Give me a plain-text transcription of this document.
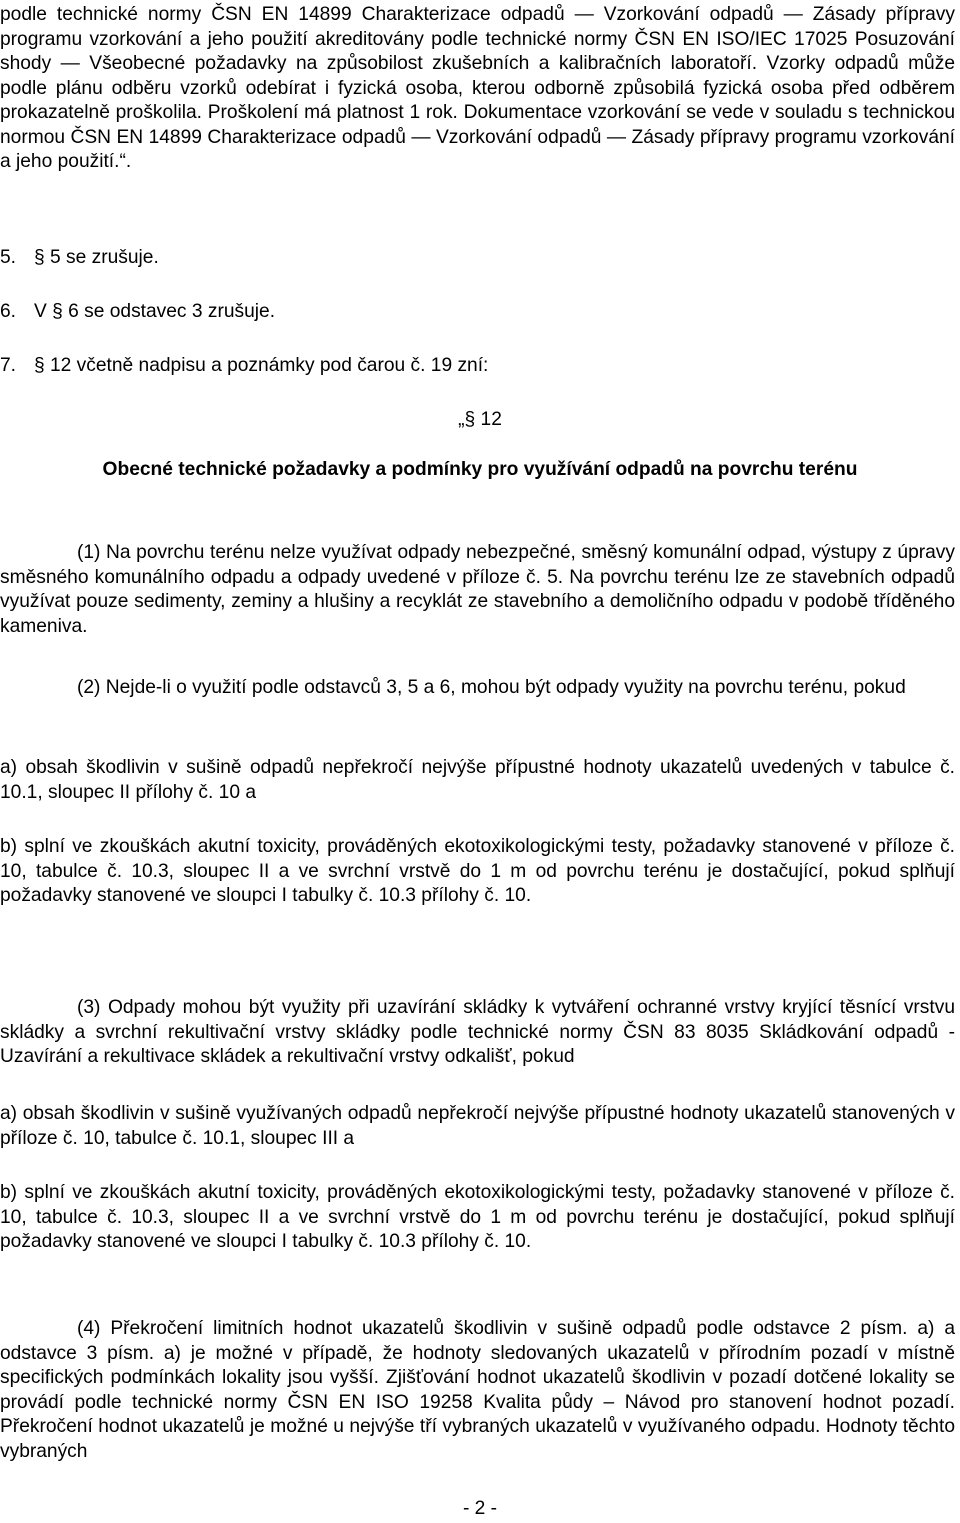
podle technické normy ČSN EN 14899 Charakterizace odpadů — Vzorkování odpadů — Zásady přípravy programu vzorkování a jeho použití akreditovány podle technické normy ČSN EN ISO/IEC 17025 Posuzování shody — Všeobecné požadavky na způsobilost zkušebních a kalibračních laboratoří. Vzorky odpadů může podle plánu odběru vzorků odebírat i fyzická osoba, kterou odborně způsobilá fyzická osoba před odběrem prokazatelně proškolila. Proškolení má platnost 1 rok. Dokumentace vzorkování se vede v souladu s technickou normou ČSN EN 14899 Charakterizace odpadů — Vzorkování odpadů — Zásady přípravy programu vzorkování a jeho použití.“.

5. § 5 se zrušuje.
6. V § 6 se odstavec 3 zrušuje.
7. § 12 včetně nadpisu a poznámky pod čarou č. 19 zní:
„§ 12
Obecné technické požadavky a podmínky pro využívání odpadů na povrchu terénu

(1) Na povrchu terénu nelze využívat odpady nebezpečné, směsný komunální odpad, výstupy z úpravy směsného komunálního odpadu a odpady uvedené v příloze č. 5. Na povrchu terénu lze ze stavebních odpadů využívat pouze sedimenty, zeminy a hlušiny a recyklát ze stavebního a demoličního odpadu v podobě tříděného kameniva.

(2) Nejde-li o využití podle odstavců 3, 5 a 6, mohou být odpady využity na povrchu terénu, pokud

a) obsah škodlivin v sušině odpadů nepřekročí nejvýše přípustné hodnoty ukazatelů uvedených v tabulce č. 10.1, sloupec II přílohy č. 10 a

b) splní ve zkouškách akutní toxicity, prováděných ekotoxikologickými testy, požadavky stanovené v příloze č. 10, tabulce č. 10.3, sloupec II a ve svrchní vrstvě do 1 m od povrchu terénu je dostačující, pokud splňují požadavky stanovené ve sloupci I tabulky č. 10.3 přílohy č. 10.

(3) Odpady mohou být využity při uzavírání skládky k vytváření ochranné vrstvy kryjící těsnící vrstvu skládky a svrchní rekultivační vrstvy skládky podle technické normy ČSN 83 8035 Skládkování odpadů - Uzavírání a rekultivace skládek a rekultivační vrstvy odkališť, pokud

a) obsah škodlivin v sušině využívaných odpadů nepřekročí nejvýše přípustné hodnoty ukazatelů stanovených v příloze č. 10, tabulce č. 10.1, sloupec III a

b) splní ve zkouškách akutní toxicity, prováděných ekotoxikologickými testy, požadavky stanovené v příloze č. 10, tabulce č. 10.3, sloupec II a ve svrchní vrstvě do 1 m od povrchu terénu je dostačující, pokud splňují požadavky stanovené ve sloupci I tabulky č. 10.3 přílohy č. 10.

(4) Překročení limitních hodnot ukazatelů škodlivin v sušině odpadů podle odstavce 2 písm. a) a odstavce 3 písm. a) je možné v případě, že hodnoty sledovaných ukazatelů v přírodním pozadí v místně specifických podmínkách lokality jsou vyšší. Zjišťování hodnot ukazatelů škodlivin v pozadí dotčené lokality se provádí podle technické normy ČSN EN ISO 19258 Kvalita půdy – Návod pro stanovení hodnot pozadí. Překročení hodnot ukazatelů je možné u nejvýše tří vybraných ukazatelů v využívaného odpadu. Hodnoty těchto vybraných

- 2 -
